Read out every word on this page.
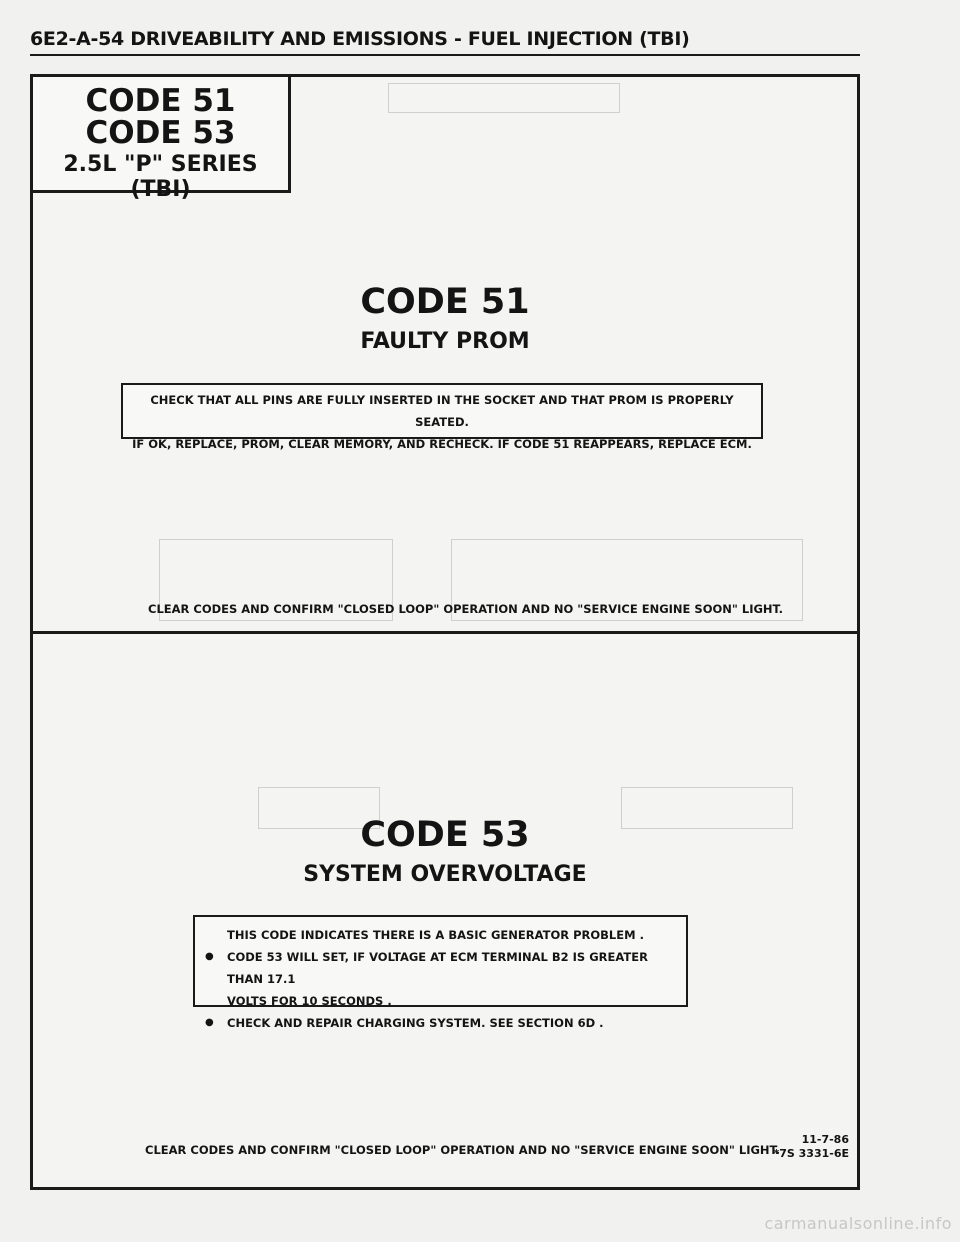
6E2-A-54 DRIVEABILITY AND EMISSIONS - FUEL INJECTION (TBI)
CODE 51
CODE 53
2.5L "P" SERIES (TBI)
CODE 51
FAULTY PROM
CHECK THAT ALL PINS ARE FULLY INSERTED IN THE SOCKET AND THAT PROM IS PROPERLY SEATED.
IF OK, REPLACE, PROM, CLEAR MEMORY, AND RECHECK. IF CODE 51 REAPPEARS, REPLACE ECM.
CLEAR CODES AND CONFIRM "CLOSED LOOP" OPERATION AND NO "SERVICE ENGINE SOON" LIGHT.
CODE 53
SYSTEM OVERVOLTAGE
THIS CODE INDICATES THERE IS A BASIC GENERATOR PROBLEM .
●	CODE 53 WILL SET, IF VOLTAGE AT ECM TERMINAL B2 IS GREATER THAN 17.1
VOLTS FOR 10 SECONDS .
●	CHECK AND REPAIR CHARGING SYSTEM. SEE SECTION 6D .
CLEAR CODES AND CONFIRM "CLOSED LOOP" OPERATION AND NO "SERVICE ENGINE SOON" LIGHT.
11-7-86
*7S 3331-6E
carmanualsonline.info
